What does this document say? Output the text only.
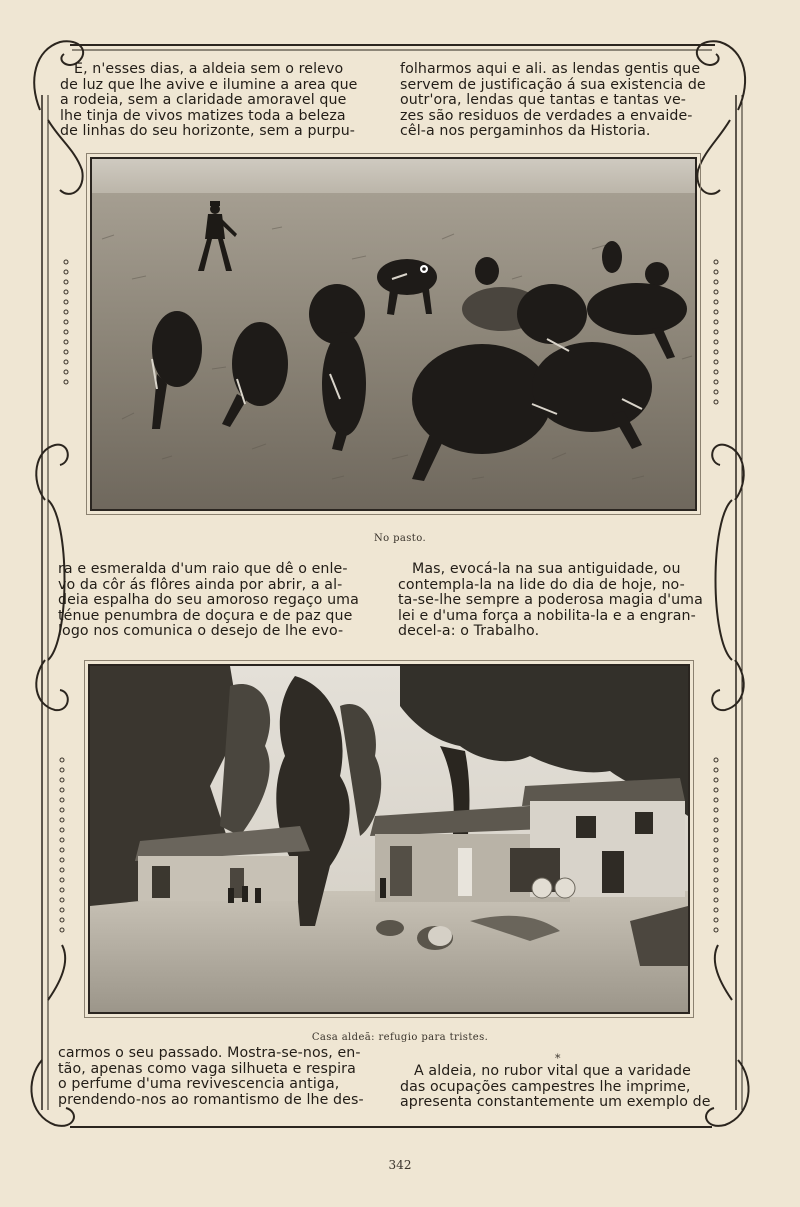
E, n'esses dias, a aldeia sem o relevo

de luz que lhe avive e ilumine a area que

a rodeia, sem a claridade amoravel que

lhe tinja de vivos matizes toda a beleza

de linhas do seu horizonte, sem a purpu-

folharmos aqui e ali. as lendas gentis que

servem de justificação á sua existencia de

outr'ora, lendas que tantas e tantas ve-

zes são residuos de verdades a envaide-

cêl-a nos pergaminhos da Historia.

No pasto.

ra e esmeralda d'um raio que dê o enle-

vo da côr ás flôres ainda por abrir, a al-

deia espalha do seu amoroso regaço uma

ténue penumbra de doçura e de paz que

logo nos comunica o desejo de lhe evo-

Mas, evocá-la na sua antiguidade, ou

contempla-la na lide do dia de hoje, no-

ta-se-lhe sempre a poderosa magia d'uma

lei e d'uma força a nobilita-la e a engran-

decel-a: o Trabalho.

Casa aldeã: refugio para tristes.

carmos o seu passado. Mostra-se-nos, en-

tão, apenas como vaga silhueta e respira

o perfume d'uma revivescencia antiga,

prendendo-nos ao romantismo de lhe des-

*

A aldeia, no rubor vital que a varidade

das ocupações campestres lhe imprime,

apresenta constantemente um exemplo de

342
